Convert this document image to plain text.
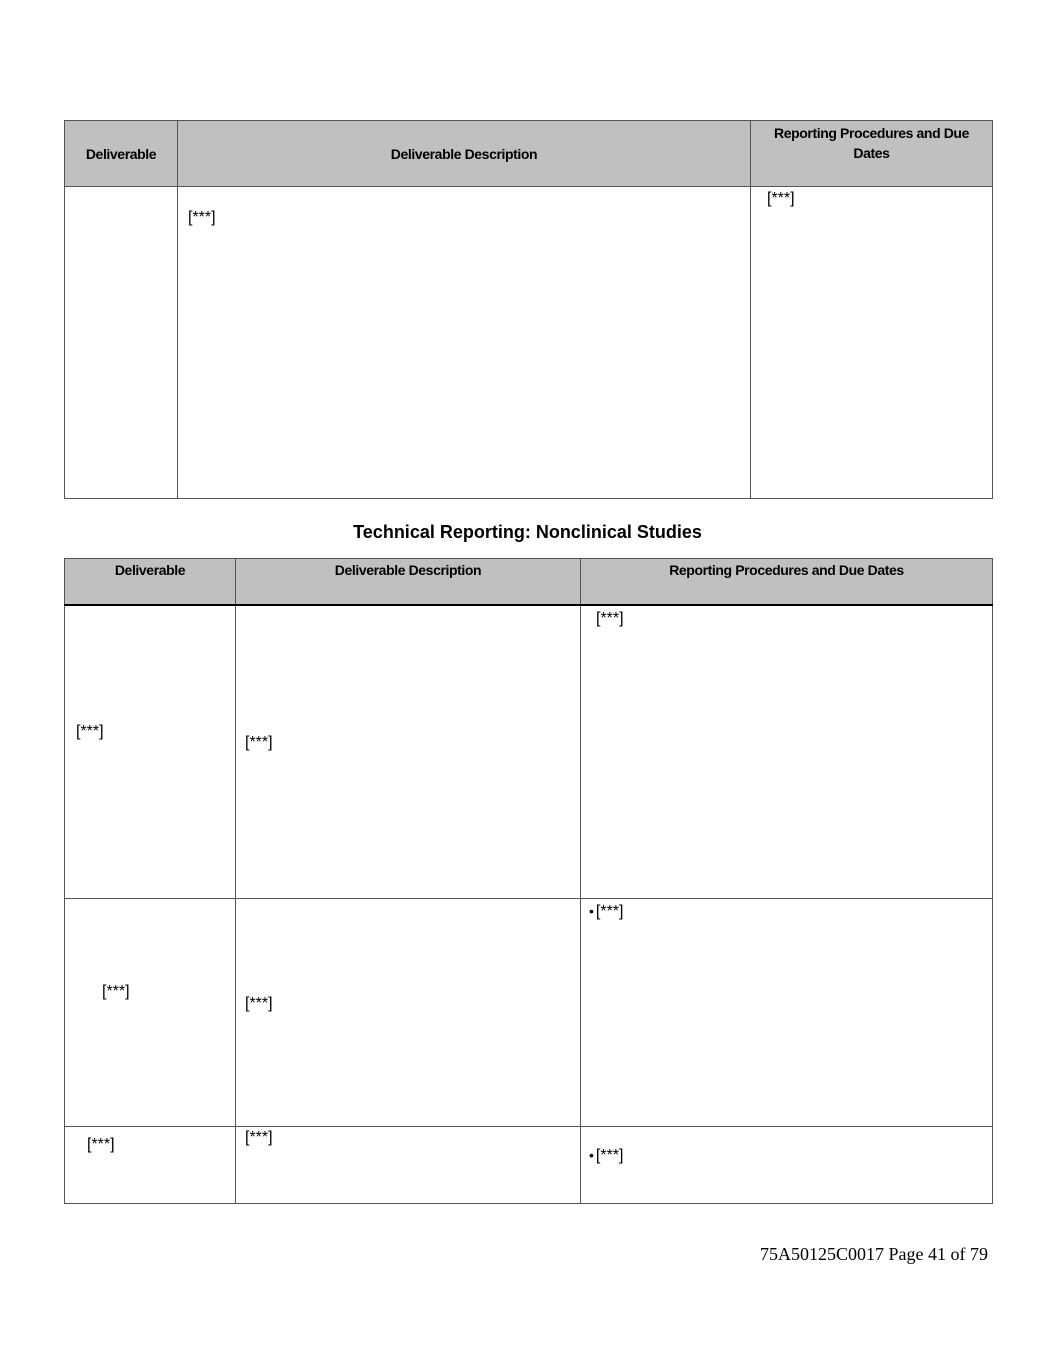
Deliverable	Deliverable Description	Reporting Procedures and Due Dates

	[***]	[***]
Technical Reporting: Nonclinical Studies
Deliverable	Deliverable Description	Reporting Procedures and Due Dates

[***]	[***]	[***]

[***]	[***]	• [***]

[***]	[***]	• [***]
75A50125C0017 Page 41 of 79
